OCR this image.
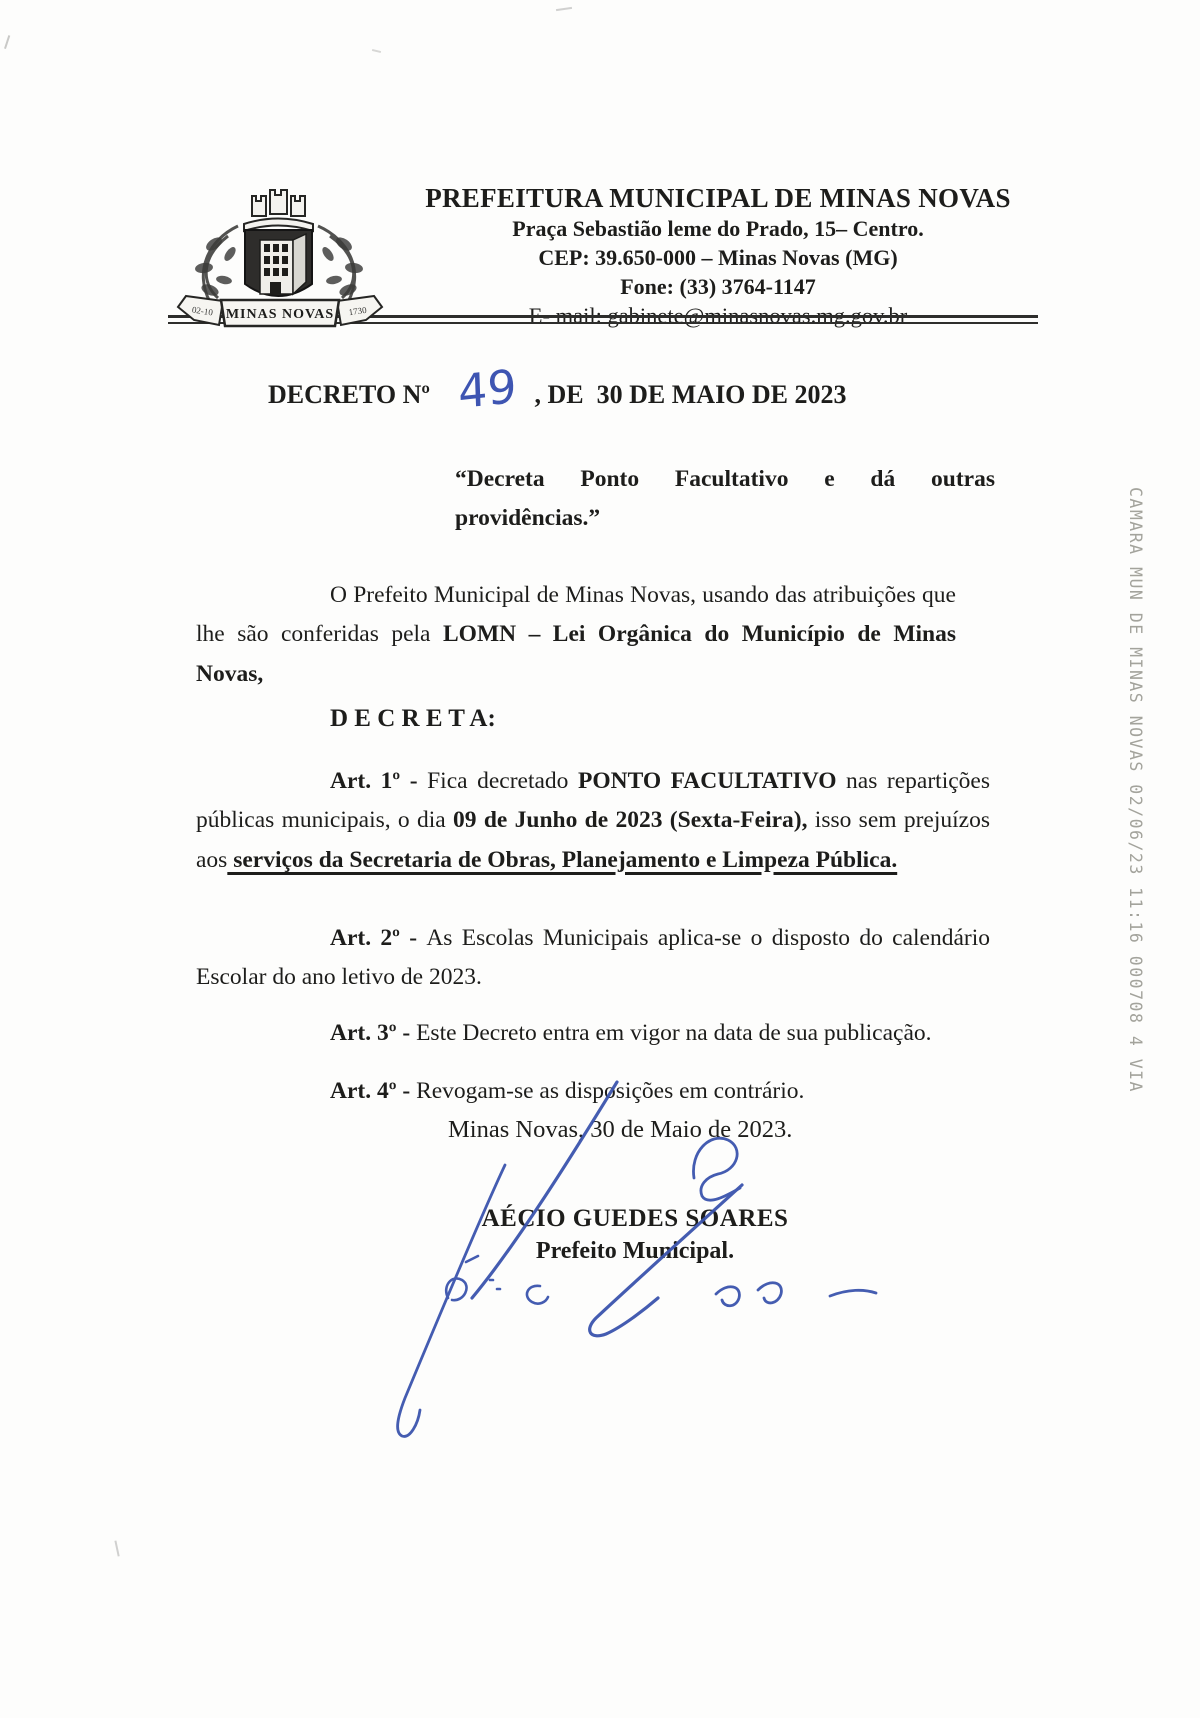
MINAS NOVAS
02-10	1730
PREFEITURA MUNICIPAL DE MINAS NOVAS
Praça Sebastião leme do Prado, 15– Centro.
CEP: 39.650-000 – Minas Novas (MG)
Fone: (33) 3764-1147
E- mail: gabinete@minasnovas.mg.gov.br
DECRETO Nº 49 , DE  30 DE MAIO DE 2023

“Decreta Ponto Facultativo e dá outras providências.”

O Prefeito Municipal de Minas Novas, usando das atribuições que lhe são conferidas pela LOMN – Lei Orgânica do Município de Minas Novas,

D E C R E T A:

Art. 1º - Fica decretado PONTO FACULTATIVO nas repartições públicas municipais, o dia 09 de Junho de 2023 (Sexta-Feira), isso sem prejuízos aos serviços da Secretaria de Obras, Planejamento e Limpeza Pública.

Art. 2º - As Escolas Municipais aplica-se o disposto do calendário Escolar do ano letivo de 2023.

Art. 3º - Este Decreto entra em vigor na data de sua publicação.

Art. 4º - Revogam-se as disposições em contrário.

Minas Novas, 30 de Maio de 2023.
AÉCIO GUEDES SOARES
Prefeito Municipal.
CAMARA MUN DE MINAS NOVAS 02/06/23 11:16 000708 4 VIA
